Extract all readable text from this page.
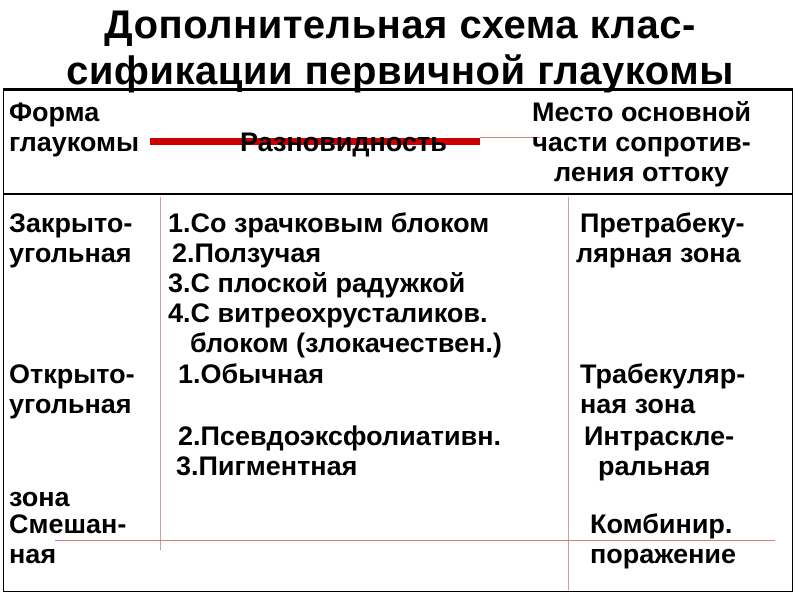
Дополнительная схема клас-
сификации первичной глаукомы
Форма
глаукомы	Разновидность
Место основной
части сопротив-
ления оттоку
Закрыто-
угольная
1.Со зрачковым блоком
2.Ползучая
3.С плоской радужкой
4.С витреохрусталиков.
блоком (злокачествен.)
Претрабеку-
лярная зона
Открыто-
угольная
1.Обычная
2.Псевдоэксфолиативн.
3.Пигментная
Трабекуляр-
ная зона
Интраскле-
ральная
зона
Смешан-
ная
Комбинир.
поражение
